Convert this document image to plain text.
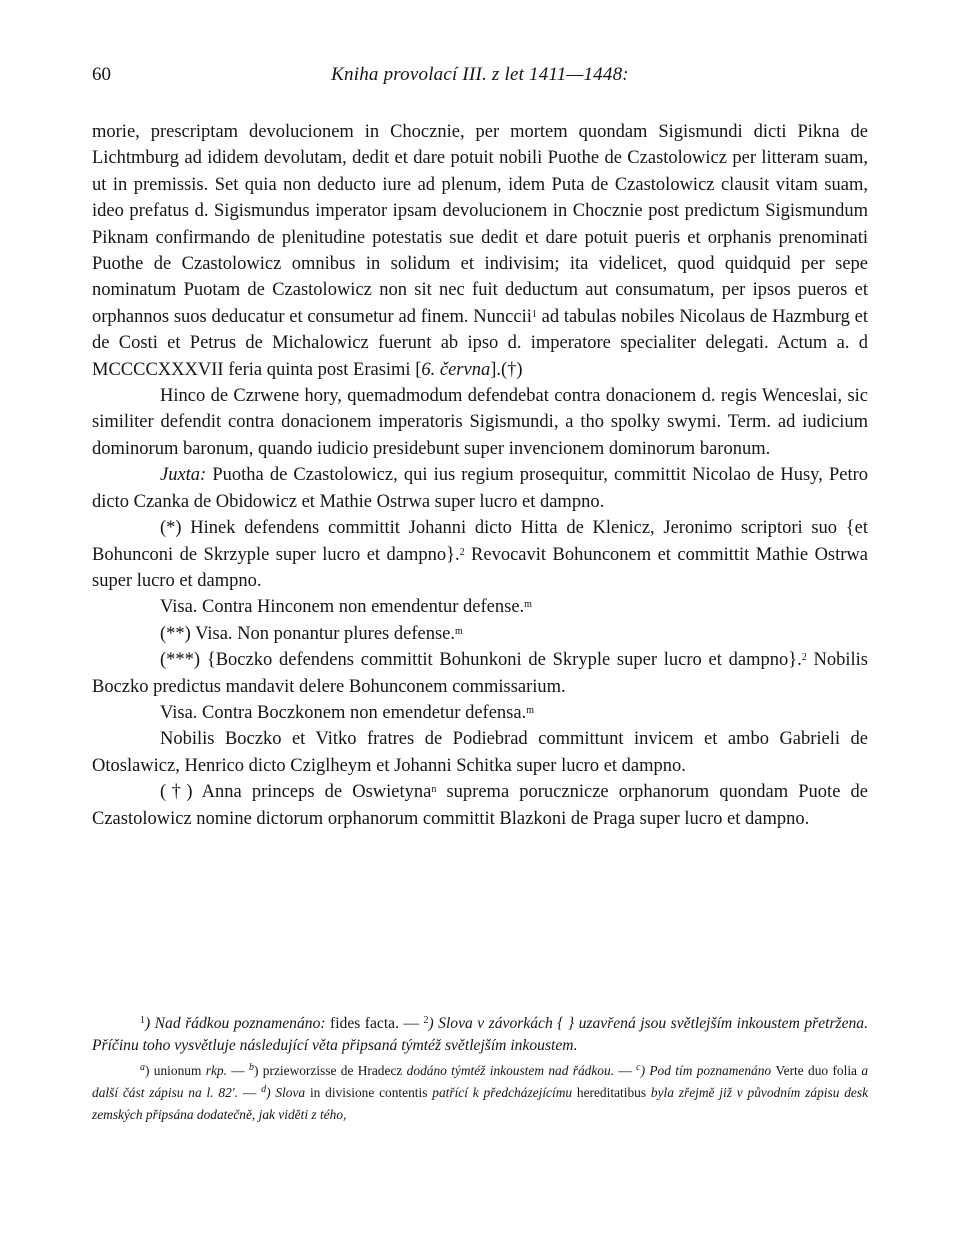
60	Kniha provolací III. z let 1411—1448:

morie, prescriptam devolucionem in Chocznie, per mortem quondam Sigismundi dicti Pikna de Lichtmburg ad ididem devolutam, dedit et dare potuit nobili Puothe de Czastolowicz per litteram suam, ut in premissis. Set quia non deducto iure ad plenum, idem Puta de Czastolowicz clausit vitam suam, ideo prefatus d. Sigismundus imperator ipsam devolucionem in Chocznie post predictum Sigismundum Piknam confirmando de plenitudine potestatis sue dedit et dare potuit pueris et orphanis prenominati Puothe de Czastolowicz omnibus in solidum et indivisim; ita videlicet, quod quidquid per sepe nominatum Puotam de Czastolowicz non sit nec fuit deductum aut consumatum, per ipsos pueros et orphannos suos deducatur et consumetur ad finem. Nunccii$^1$ ad tabulas nobiles Nicolaus de Hazmburg et de Costi et Petrus de Michalowicz fuerunt ab ipso d. imperatore specialiter delegati. Actum a. d MCCCCXXXVII feria quinta post Erasimi [6. června].(†)

Hinco de Czrwene hory, quemadmodum defendebat contra donacionem d. regis Wenceslai, sic similiter defendit contra donacionem imperatoris Sigismundi, a tho spolky swymi. Term. ad iudicium dominorum baronum, quando iudicio presidebunt super invencionem dominorum baronum.

Juxta: Puotha de Czastolowicz, qui ius regium prosequitur, committit Nicolao de Husy, Petro dicto Czanka de Obidowicz et Mathie Ostrwa super lucro et dampno.

(*) Hinek defendens committit Johanni dicto Hitta de Klenicz, Jeronimo scriptori suo {et Bohunconi de Skrzyple super lucro et dampno}.$^2$ Revocavit Bohunconem et committit Mathie Ostrwa super lucro et dampno.

Visa. Contra Hinconem non emendentur defense.$^m$

(**) Visa. Non ponantur plures defense.$^m$

(***) {Boczko defendens committit Bohunkoni de Skryple super lucro et dampno}.$^2$ Nobilis Boczko predictus mandavit delere Bohunconem commissarium.

Visa. Contra Boczkonem non emendetur defensa.$^m$

Nobilis Boczko et Vitko fratres de Podiebrad committunt invicem et ambo Gabrieli de Otoslawicz, Henrico dicto Cziglheym et Johanni Schitka super lucro et dampno.

(†) Anna princeps de Oswietyna$^n$ suprema porucznicze orphanorum quondam Puote de Czastolowicz nomine dictorum orphanorum committit Blazkoni de Praga super lucro et dampno.

$^1$) Nad řádkou poznamenáno: fides facta. — $^2$) Slova v závorkách { } uzavřená jsou světlejším inkoustem přetržena. Příčinu toho vysvětluje následující věta připsaná týmtéž světlejším inkoustem.

$^a$) unionum rkp. — $^b$) przieworzisse de Hradecz dodáno týmtéž inkoustem nad řádkou. — $^c$) Pod tím poznamenáno Verte duo folia a další část zápisu na l. 82'. — $^d$) Slova in divisione contentis patřící k předcházejícímu hereditatibus byla zřejmě již v původním zápisu desk zemských připsána dodatečně, jak viděti z tého,
